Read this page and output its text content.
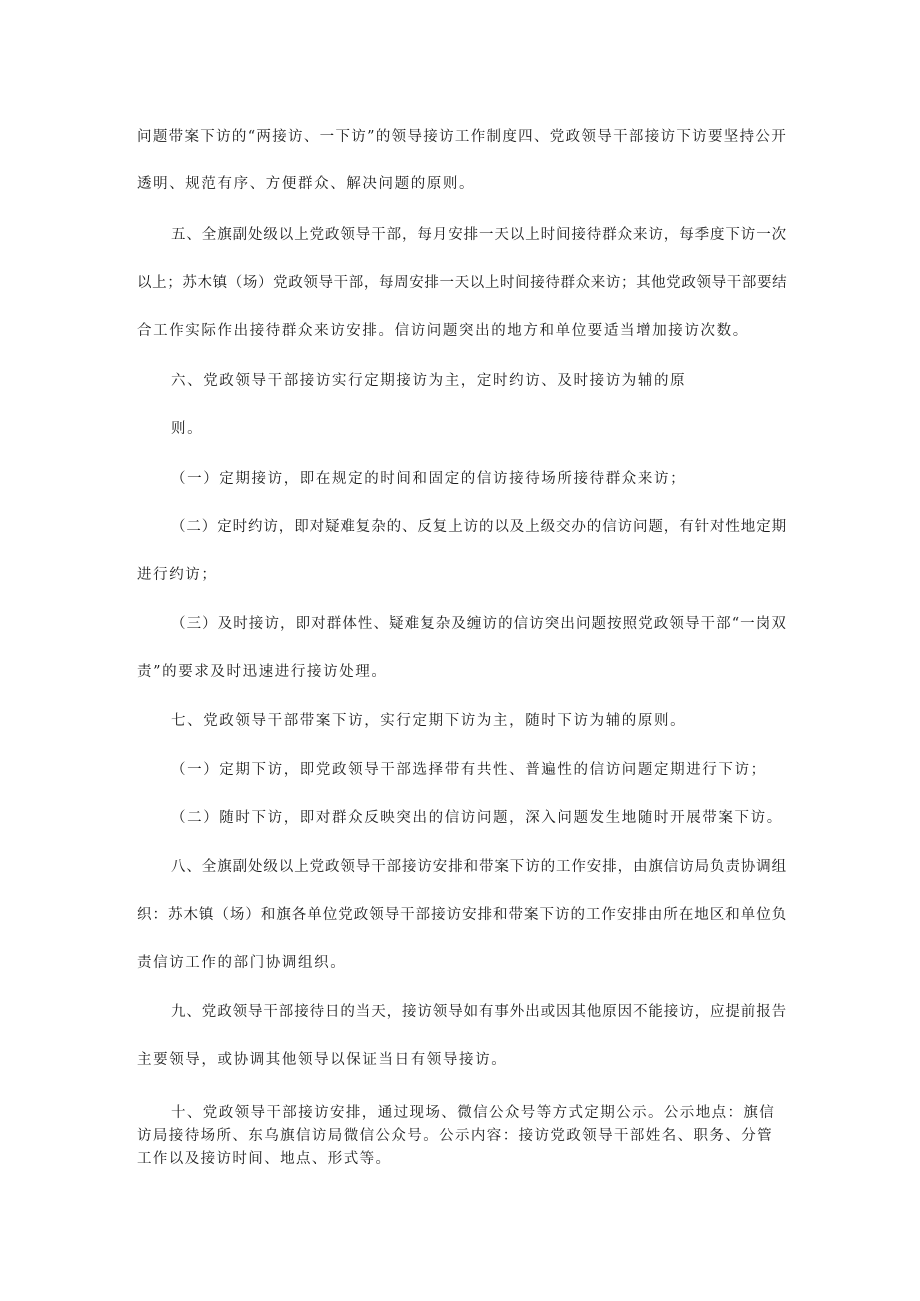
问题带案下访的“两接访、一下访”的领导接访工作制度四、党政领导干部接访下访要坚持公开
透明、规范有序、方便群众、解决问题的原则。
五、全旗副处级以上党政领导干部，每月安排一天以上时间接待群众来访，每季度下访一次
以上；苏木镇（场）党政领导干部，每周安排一天以上时间接待群众来访；其他党政领导干部要结
合工作实际作出接待群众来访安排。信访问题突出的地方和单位要适当增加接访次数。
六、党政领导干部接访实行定期接访为主，定时约访、及时接访为辅的原
则。
（一）定期接访，即在规定的时间和固定的信访接待场所接待群众来访；
（二）定时约访，即对疑难复杂的、反复上访的以及上级交办的信访问题，有针对性地定期
进行约访；
（三）及时接访，即对群体性、疑难复杂及缠访的信访突出问题按照党政领导干部“一岗双
责”的要求及时迅速进行接访处理。
七、党政领导干部带案下访，实行定期下访为主，随时下访为辅的原则。
（一）定期下访，即党政领导干部选择带有共性、普遍性的信访问题定期进行下访；
（二）随时下访，即对群众反映突出的信访问题，深入问题发生地随时开展带案下访。
八、全旗副处级以上党政领导干部接访安排和带案下访的工作安排，由旗信访局负责协调组
织：苏木镇（场）和旗各单位党政领导干部接访安排和带案下访的工作安排由所在地区和单位负
责信访工作的部门协调组织。
九、党政领导干部接待日的当天，接访领导如有事外出或因其他原因不能接访，应提前报告
主要领导，或协调其他领导以保证当日有领导接访。
十、党政领导干部接访安排，通过现场、微信公众号等方式定期公示。公示地点：旗信访局接待场所、东乌旗信访局微信公众号。公示内容：接访党政领导干部姓名、职务、分管工作以及接访时间、地点、形式等。
